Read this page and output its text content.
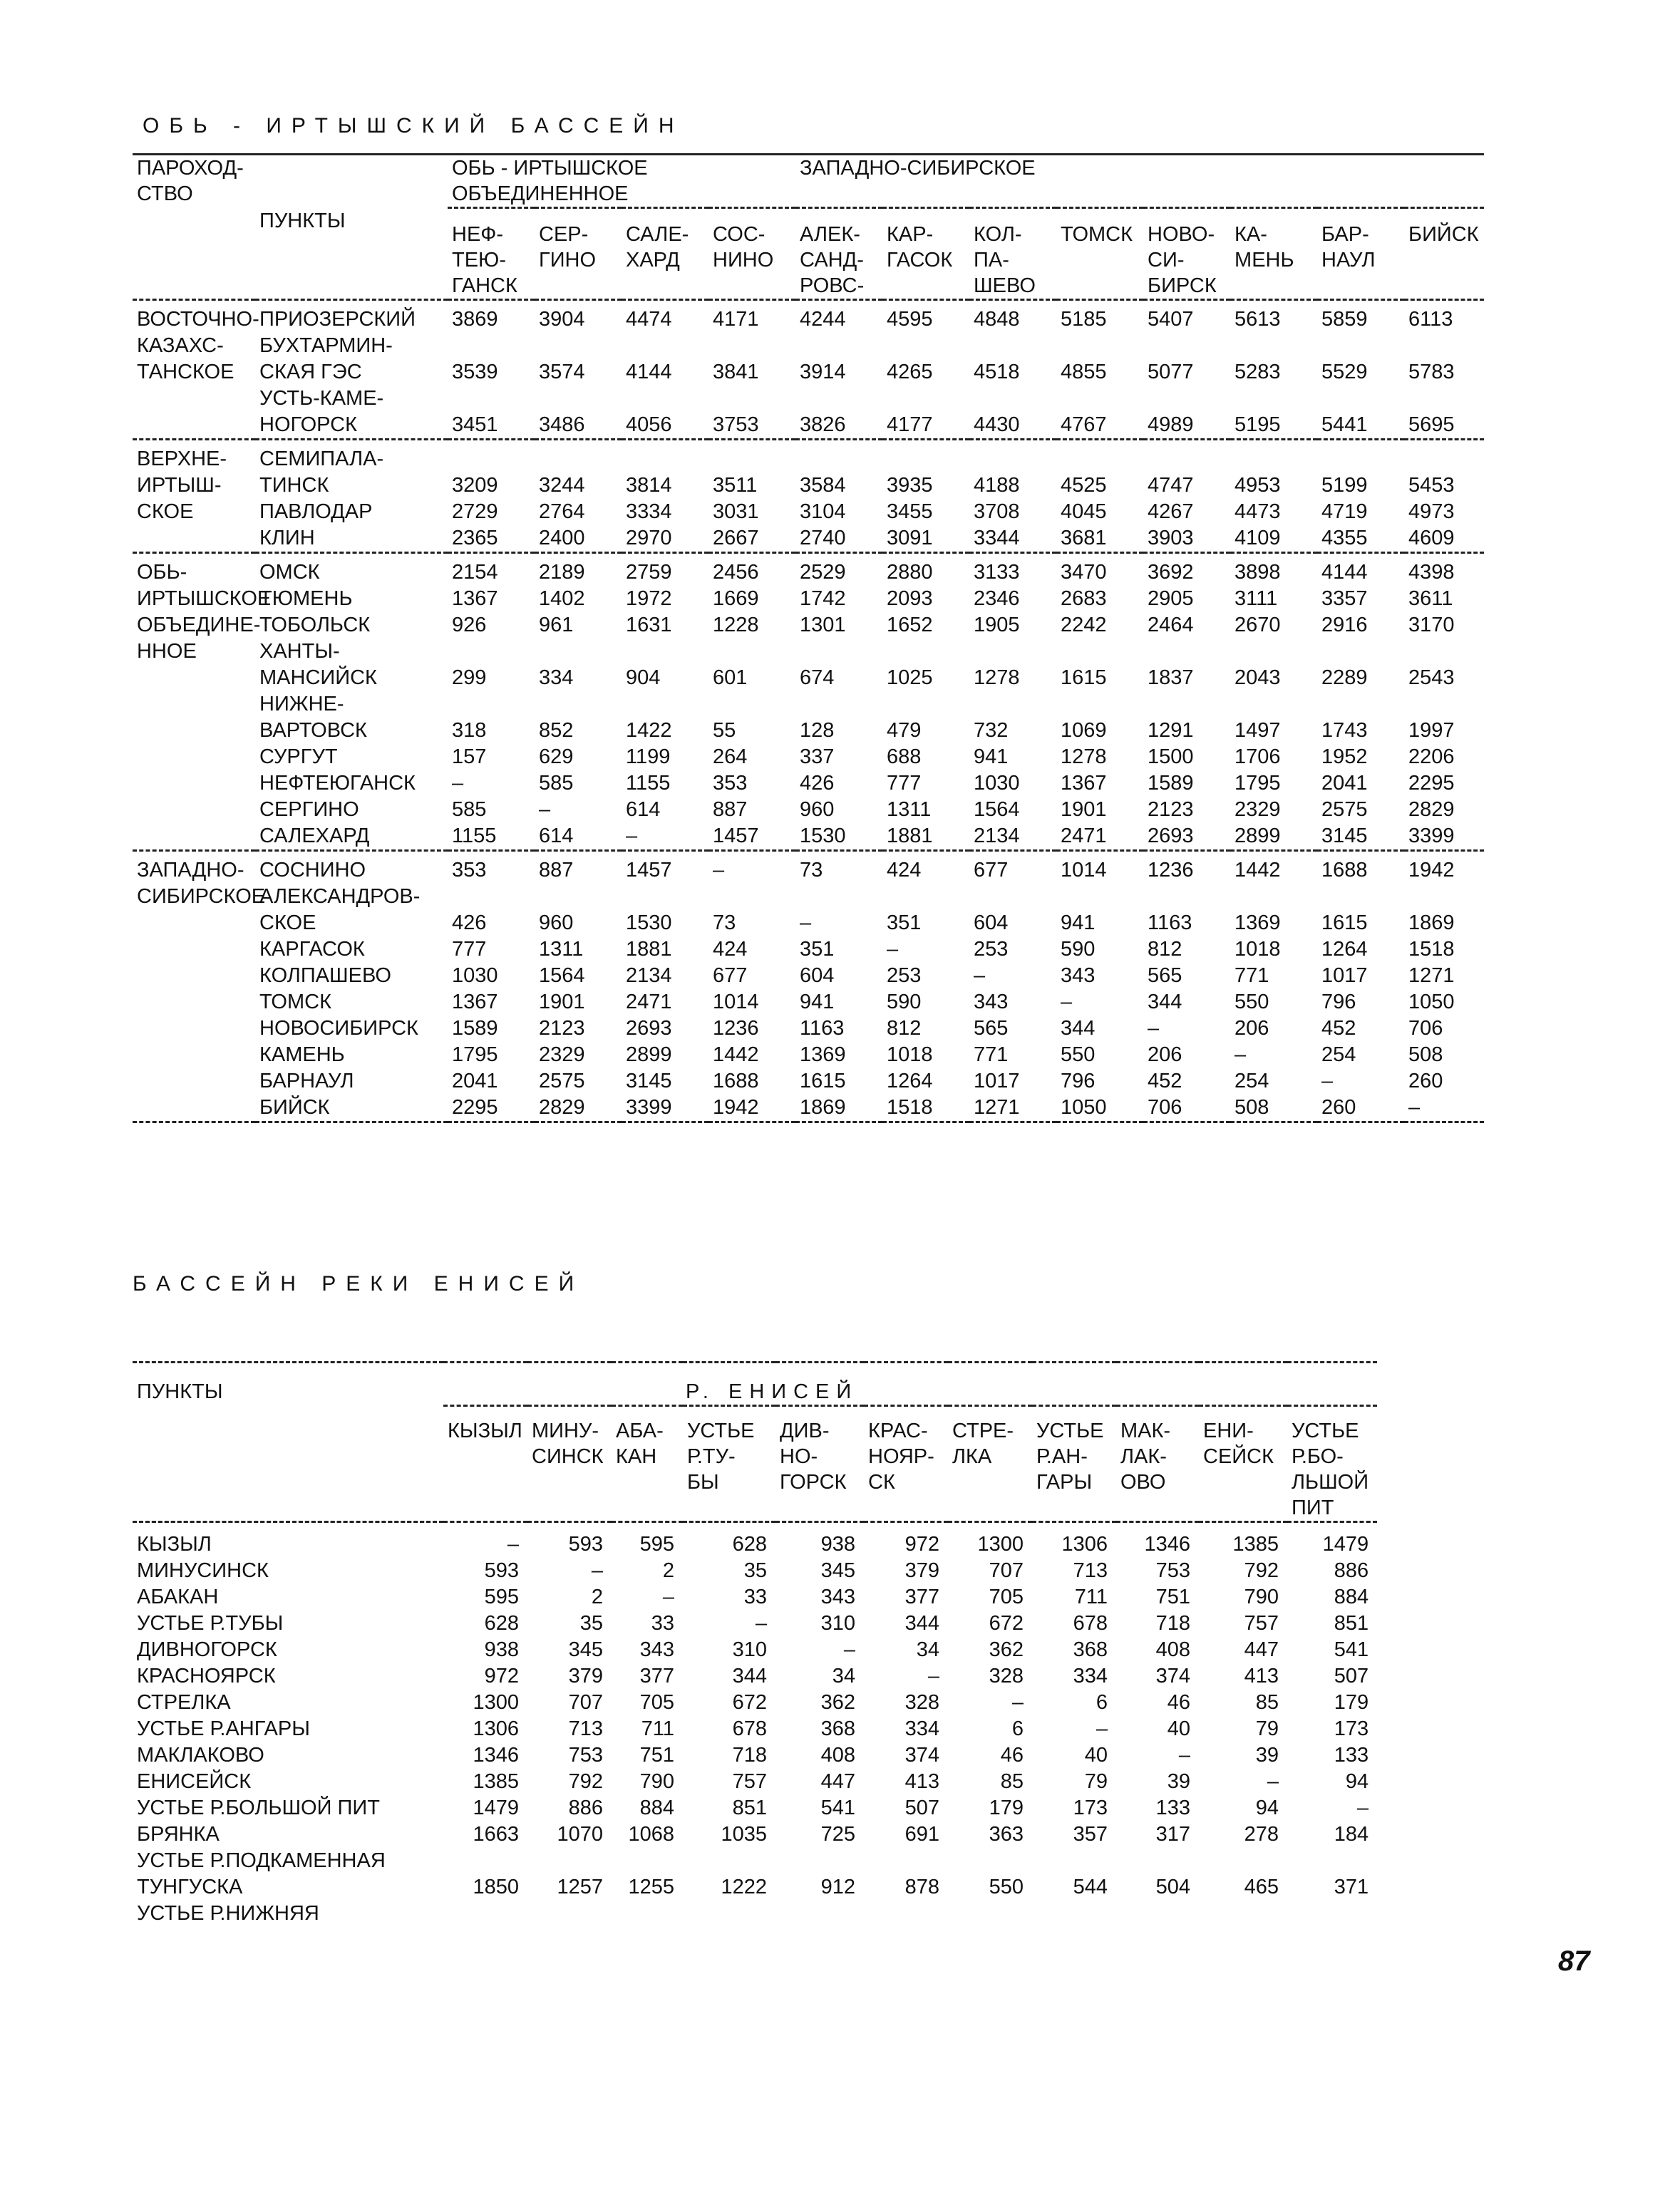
ОБЬ - ИРТЫШСКИЙ БАССЕЙН
ПАРОХОД-
СТВО		ОБЬ - ИРТЫШСКОЕ
ОБЪЕДИНЕННОЕ				ЗАПАДНО-СИБИРСКОЕ							
	ПУНКТЫ	НЕФ-
ТЕЮ-
ГАНСК	СЕР-
ГИНО	САЛЕ-
ХАРД	СОС-
НИНО	АЛЕК-
САНД-
РОВС-	КАР-
ГАСОК	КОЛ-
ПА-
ШЕВО	ТОМСК	НОВО-
СИ-
БИРСК	КА-
МЕНЬ	БАР-
НАУЛ	БИЙСК
ВОСТОЧНО-
КАЗАХС-
ТАНСКОЕ	ПРИОЗЕРСКИЙ	3869	3904	4474	4171	4244	4595	4848	5185	5407	5613	5859	6113
	БУХТАРМИН-												
	СКАЯ ГЭС	3539	3574	4144	3841	3914	4265	4518	4855	5077	5283	5529	5783
	УСТЬ-КАМЕ-												
	НОГОРСК	3451	3486	4056	3753	3826	4177	4430	4767	4989	5195	5441	5695
ВЕРХНЕ-
ИРТЫШ-
СКОЕ	СЕМИПАЛА-												
	ТИНСК	3209	3244	3814	3511	3584	3935	4188	4525	4747	4953	5199	5453
	ПАВЛОДАР	2729	2764	3334	3031	3104	3455	3708	4045	4267	4473	4719	4973
	КЛИН	2365	2400	2970	2667	2740	3091	3344	3681	3903	4109	4355	4609
ОБЬ-
ИРТЫШСКОЕ
ОБЪЕДИНЕ-
ННОЕ	ОМСК	2154	2189	2759	2456	2529	2880	3133	3470	3692	3898	4144	4398
	ТЮМЕНЬ	1367	1402	1972	1669	1742	2093	2346	2683	2905	3111	3357	3611
	ТОБОЛЬСК	926	961	1631	1228	1301	1652	1905	2242	2464	2670	2916	3170
	ХАНТЫ-												
	МАНСИЙСК	299	334	904	601	674	1025	1278	1615	1837	2043	2289	2543
	НИЖНЕ-												
	ВАРТОВСК	318	852	1422	55	128	479	732	1069	1291	1497	1743	1997
	СУРГУТ	157	629	1199	264	337	688	941	1278	1500	1706	1952	2206
	НЕФТЕЮГАНСК	–	585	1155	353	426	777	1030	1367	1589	1795	2041	2295
	СЕРГИНО	585	–	614	887	960	1311	1564	1901	2123	2329	2575	2829
	САЛЕХАРД	1155	614	–	1457	1530	1881	2134	2471	2693	2899	3145	3399
ЗАПАДНО-
СИБИРСКОЕ	СОСНИНО	353	887	1457	–	73	424	677	1014	1236	1442	1688	1942
	АЛЕКСАНДРОВ-												
	СКОЕ	426	960	1530	73	–	351	604	941	1163	1369	1615	1869
	КАРГАСОК	777	1311	1881	424	351	–	253	590	812	1018	1264	1518
	КОЛПАШЕВО	1030	1564	2134	677	604	253	–	343	565	771	1017	1271
	ТОМСК	1367	1901	2471	1014	941	590	343	–	344	550	796	1050
	НОВОСИБИРСК	1589	2123	2693	1236	1163	812	565	344	–	206	452	706
	КАМЕНЬ	1795	2329	2899	1442	1369	1018	771	550	206	–	254	508
	БАРНАУЛ	2041	2575	3145	1688	1615	1264	1017	796	452	254	–	260
	БИЙСК	2295	2829	3399	1942	1869	1518	1271	1050	706	508	260	–
БАССЕЙН РЕКИ ЕНИСЕЙ
ПУНКТЫ	Р. ЕНИСЕЙ										
	КЫЗЫЛ	МИНУ-
СИНСК	АБА-
КАН	УСТЬЕ
Р.ТУ-
БЫ	ДИВ-
НО-
ГОРСК	КРАС-
НОЯР-
СК	СТРЕ-
ЛКА	УСТЬЕ
Р.АН-
ГАРЫ	МАК-
ЛАК-
ОВО	ЕНИ-
СЕЙСК	УСТЬЕ
Р.БО-
ЛЬШОЙ
ПИТ
КЫЗЫЛ	–	593	595	628	938	972	1300	1306	1346	1385	1479
МИНУСИНСК	593	–	2	35	345	379	707	713	753	792	886
АБАКАН	595	2	–	33	343	377	705	711	751	790	884
УСТЬЕ Р.ТУБЫ	628	35	33	–	310	344	672	678	718	757	851
ДИВНОГОРСК	938	345	343	310	–	34	362	368	408	447	541
КРАСНОЯРСК	972	379	377	344	34	–	328	334	374	413	507
СТРЕЛКА	1300	707	705	672	362	328	–	6	46	85	179
УСТЬЕ Р.АНГАРЫ	1306	713	711	678	368	334	6	–	40	79	173
МАКЛАКОВО	1346	753	751	718	408	374	46	40	–	39	133
ЕНИСЕЙСК	1385	792	790	757	447	413	85	79	39	–	94
УСТЬЕ Р.БОЛЬШОЙ ПИТ	1479	886	884	851	541	507	179	173	133	94	–
БРЯНКА	1663	1070	1068	1035	725	691	363	357	317	278	184
УСТЬЕ Р.ПОДКАМЕННАЯ											
ТУНГУСКА	1850	1257	1255	1222	912	878	550	544	504	465	371
УСТЬЕ Р.НИЖНЯЯ											
87
